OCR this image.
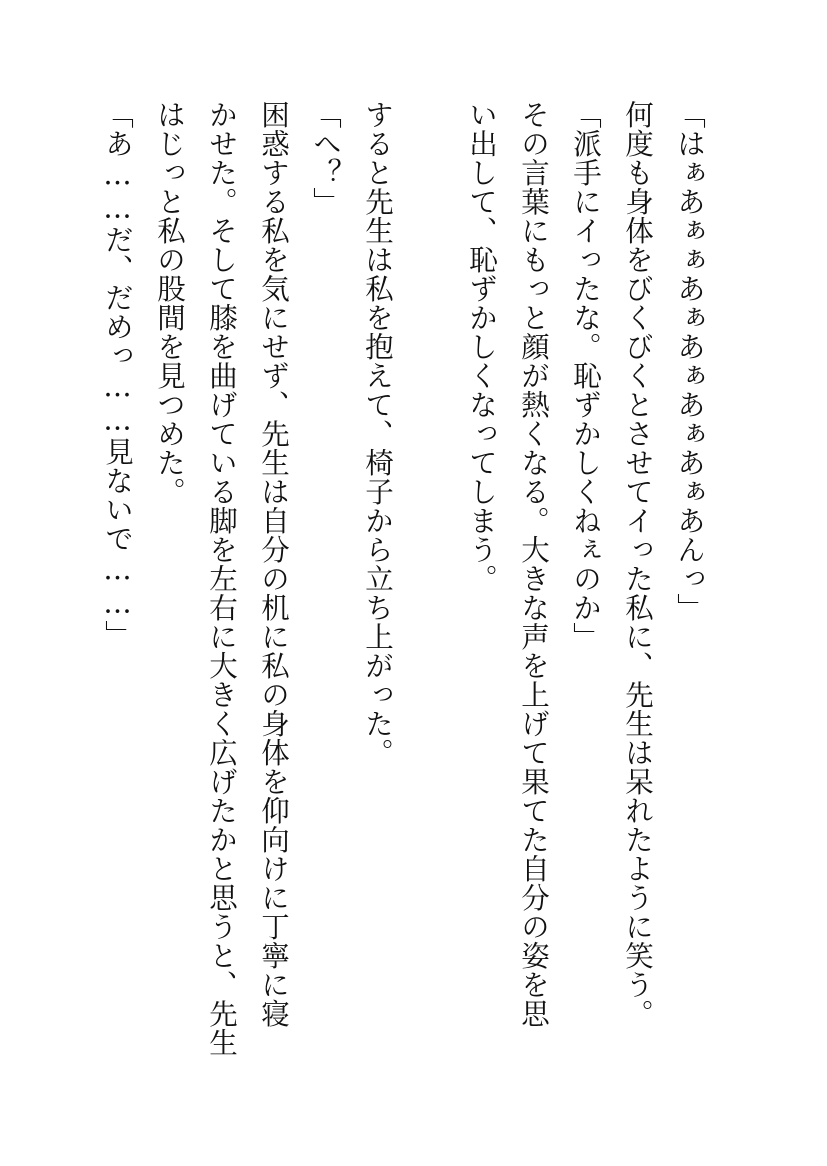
「はぁあぁぁあぁあぁあぁあぁあんっ」
何度も身体をびくびくとさせてイった私に、先生は呆れたように笑う。
「派手にイったな。恥ずかしくねぇのか」
その言葉にもっと顔が熱くなる。大きな声を上げて果てた自分の姿を思
い出して、恥ずかしくなってしまう。
すると先生は私を抱えて、椅子から立ち上がった。
「へ？」
困惑する私を気にせず、先生は自分の机に私の身体を仰向けに丁寧に寝
かせた。そして膝を曲げている脚を左右に大きく広げたかと思うと、先生
はじっと私の股間を見つめた。
「あ……だ、だめっ……見ないで……」
